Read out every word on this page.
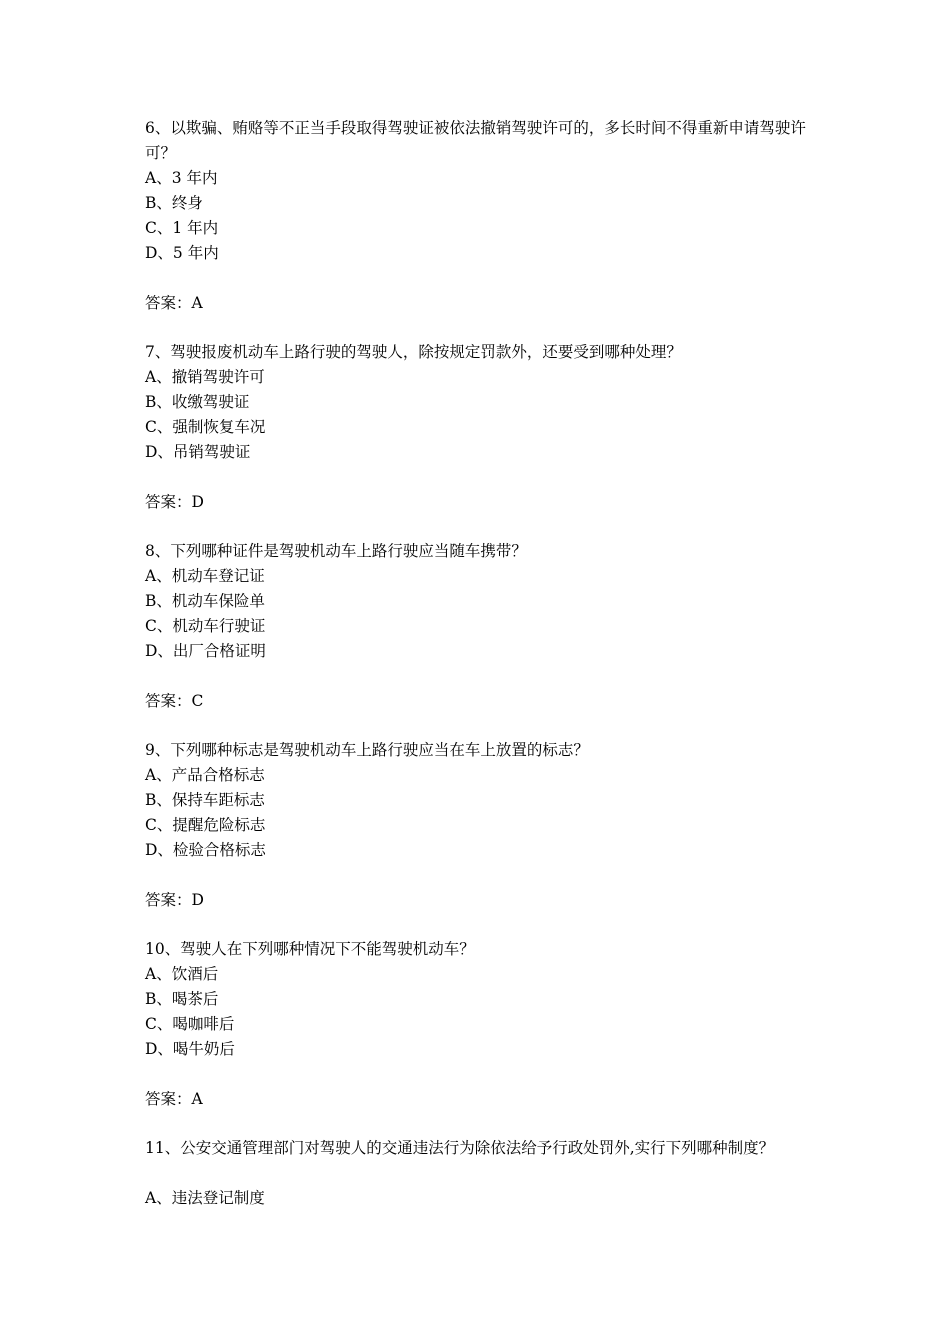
6、以欺骗、贿赂等不正当手段取得驾驶证被依法撤销驾驶许可的，多长时间不得重新申请驾驶许可？

A、3 年内

B、终身

C、1 年内

D、5 年内

答案：A

7、驾驶报废机动车上路行驶的驾驶人，除按规定罚款外，还要受到哪种处理？

A、撤销驾驶许可

B、收缴驾驶证

C、强制恢复车况

D、吊销驾驶证

答案：D

8、下列哪种证件是驾驶机动车上路行驶应当随车携带？

A、机动车登记证

B、机动车保险单

C、机动车行驶证

D、出厂合格证明

答案：C

9、下列哪种标志是驾驶机动车上路行驶应当在车上放置的标志？

A、产品合格标志

B、保持车距标志

C、提醒危险标志

D、检验合格标志

答案：D

10、驾驶人在下列哪种情况下不能驾驶机动车？

A、饮酒后

B、喝茶后

C、喝咖啡后

D、喝牛奶后

答案：A

11、公安交通管理部门对驾驶人的交通违法行为除依法给予行政处罚外,实行下列哪种制度？

A、违法登记制度
